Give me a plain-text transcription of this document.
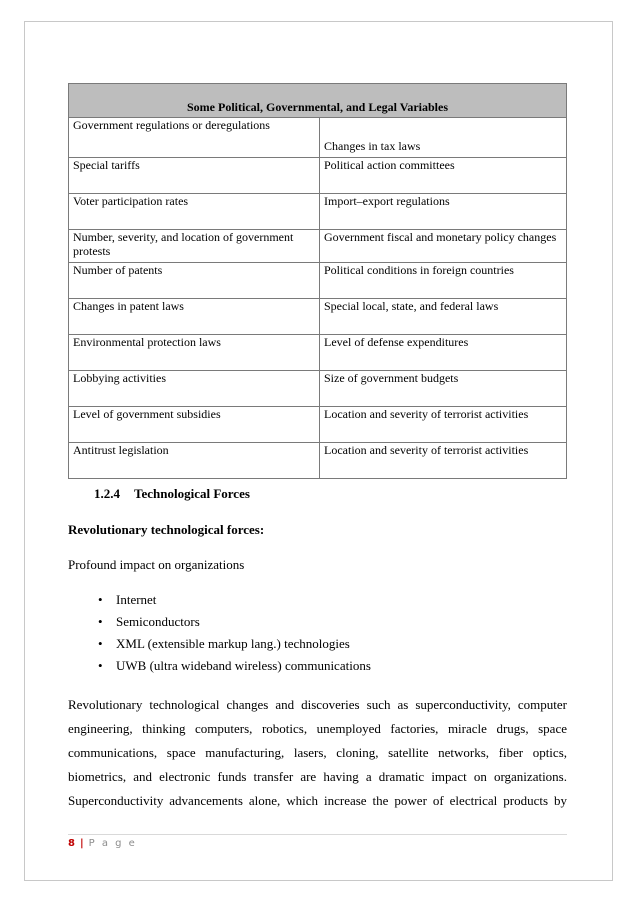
Some Political, Governmental, and Legal Variables	
Government regulations or deregulations	Changes in tax laws
Special tariffs	Political action committees
Voter participation rates	Import–export regulations
Number, severity, and location of government protests	Government fiscal and monetary policy changes
Number of patents	Political conditions in foreign countries
Changes in patent laws	Special local, state, and federal laws
Environmental protection laws	Level of defense expenditures
Lobbying activities	Size of government budgets
Level of government subsidies	Location and severity of terrorist activities
Antitrust legislation	Location and severity of terrorist activities

1.2.4 Technological Forces

Revolutionary technological forces:

Profound impact on organizations

• Internet
• Semiconductors
• XML (extensible markup lang.) technologies
• UWB (ultra wideband wireless) communications

Revolutionary technological changes and discoveries such as superconductivity, computer engineering, thinking computers, robotics, unemployed factories, miracle drugs, space communications, space manufacturing, lasers, cloning, satellite networks, fiber optics, biometrics, and electronic funds transfer are having a dramatic impact on organizations. Superconductivity advancements alone, which increase the power of electrical products by

8 | P a g e
